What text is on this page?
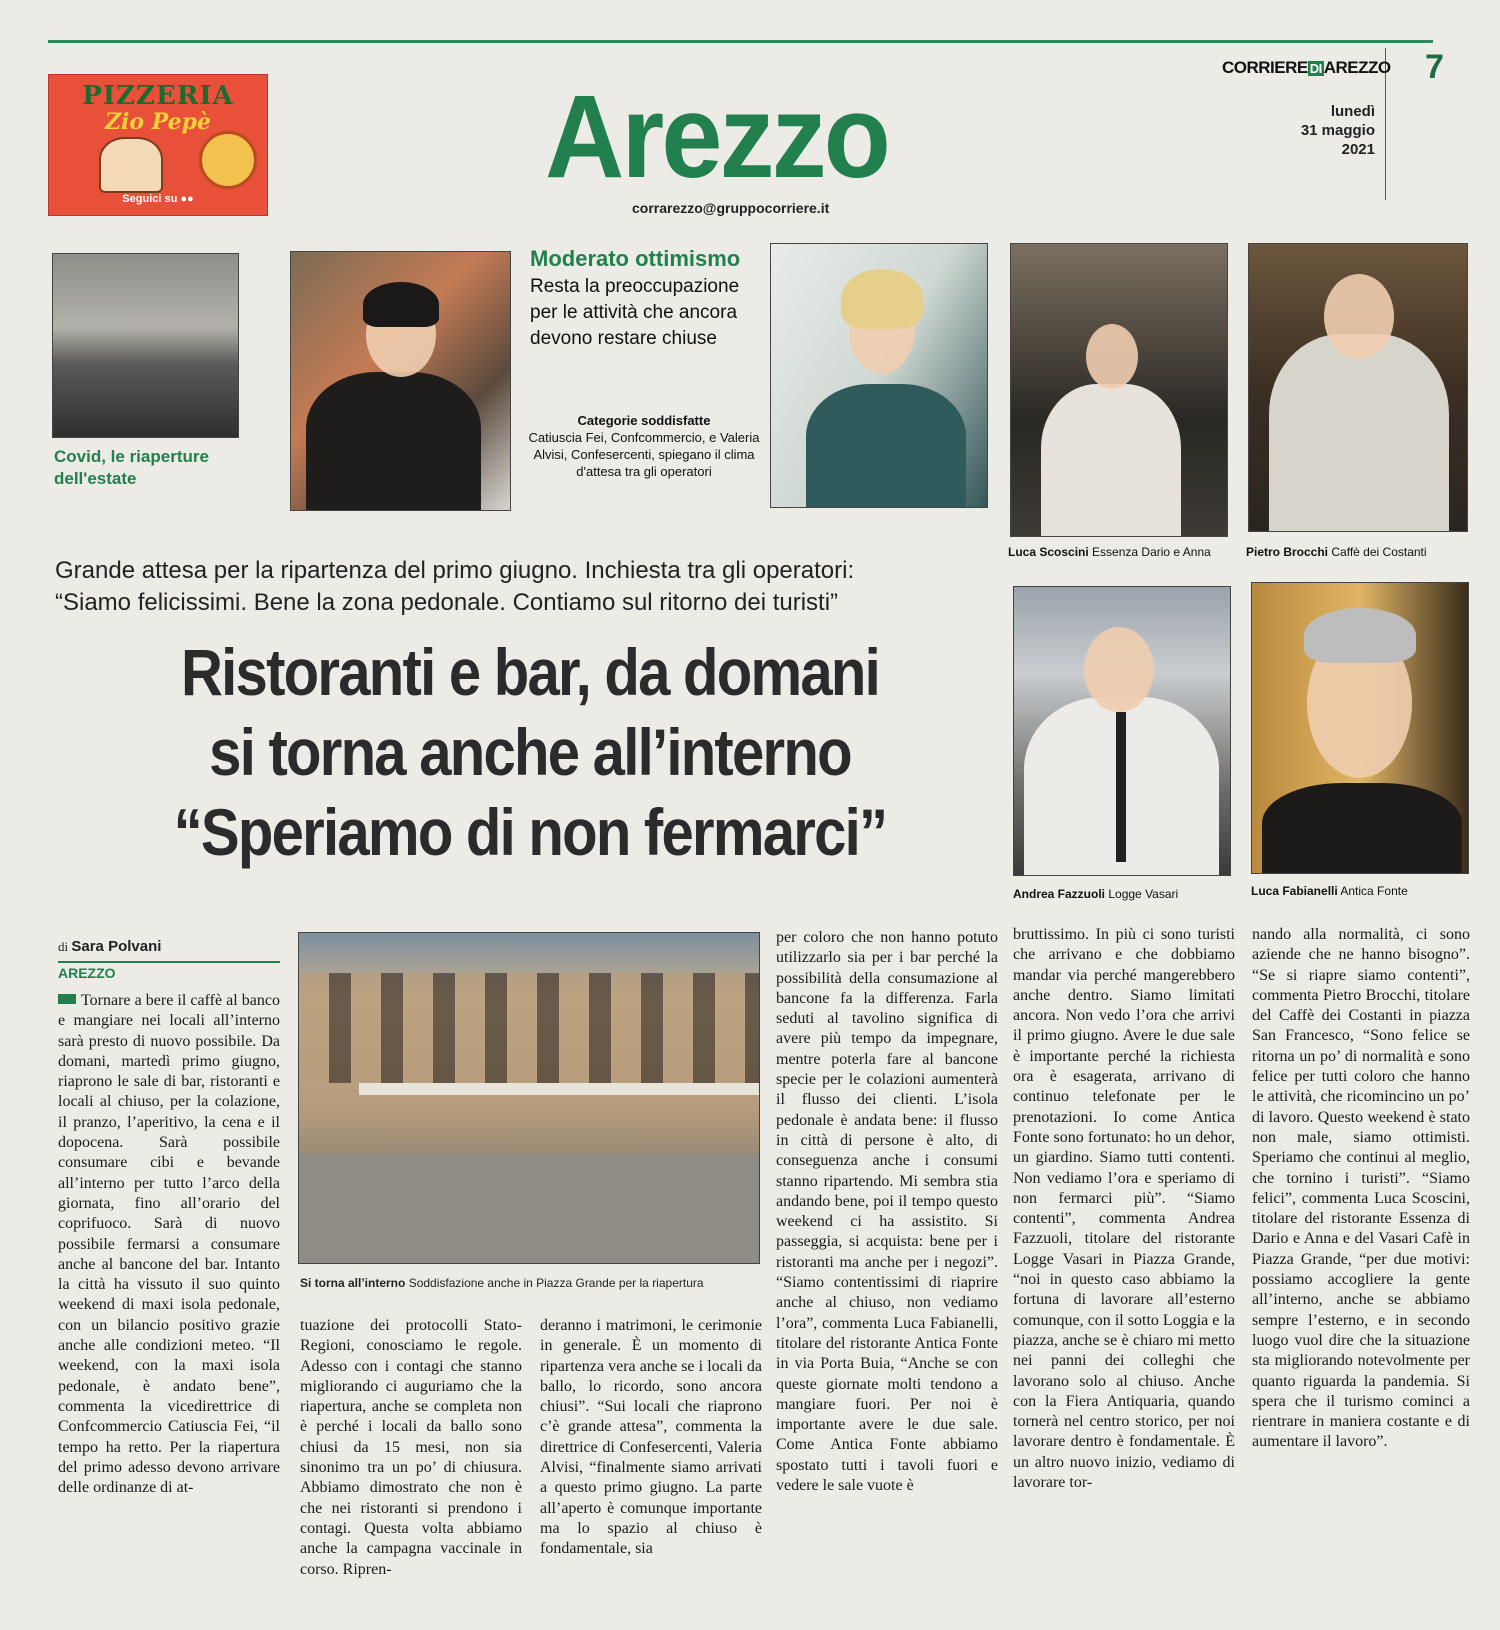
PIZZERIA
Zio Pepè
Seguici su ●●	Arezzo
corrarezzo@gruppocorriere.it
CORRIERE DI AREZZO
lunedì
31 maggio
2021
7
Covid, le riaperture dell'estate
Moderato ottimismo
Resta la preoccupazione per le attività che ancora devono restare chiuse
Categorie soddisfatte
Catiuscia Fei, Confcommercio, e Valeria Alvisi, Confesercenti, spiegano il clima d'attesa tra gli operatori
Luca Scoscini Essenza Dario e Anna	Pietro Brocchi Caffè dei Costanti
Grande attesa per la ripartenza del primo giugno. Inchiesta tra gli operatori:
“Siamo felicissimi. Bene la zona pedonale. Contiamo sul ritorno dei turisti”
Ristoranti e bar, da domani
si torna anche all’interno
“Speriamo di non fermarci”
Andrea Fazzuoli Logge Vasari	Luca Fabianelli Antica Fonte
di Sara Polvani
AREZZO
Si torna all’interno Soddisfazione anche in Piazza Grande per la riapertura

Tornare a bere il caffè al banco e mangiare nei locali all’interno sarà presto di nuovo possibile. Da domani, martedì primo giugno, riaprono le sale di bar, ristoranti e locali al chiuso, per la colazione, il pranzo, l’aperitivo, la cena e il dopocena. Sarà possibile consumare cibi e bevande all’interno per tutto l’arco della giornata, fino all’orario del coprifuoco. Sarà di nuovo possibile fermarsi a consumare anche al bancone del bar. Intanto la città ha vissuto il suo quinto weekend di maxi isola pedonale, con un bilancio positivo grazie anche alle condizioni meteo. “Il weekend, con la maxi isola pedonale, è andato bene”, commenta la vicedirettrice di Confcommercio Catiuscia Fei, “il tempo ha retto. Per la riapertura del primo adesso devono arrivare delle ordinanze di at-

tuazione dei protocolli Stato-Regioni, conosciamo le regole. Adesso con i contagi che stanno migliorando ci auguriamo che la riapertura, anche se completa non è perché i locali da ballo sono chiusi da 15 mesi, non sia sinonimo tra un po’ di chiusura. Abbiamo dimostrato che non è che nei ristoranti si prendono i contagi. Questa volta abbiamo anche la campagna vaccinale in corso. Ripren-

deranno i matrimoni, le cerimonie in generale. È un momento di ripartenza vera anche se i locali da ballo, lo ricordo, sono ancora chiusi”. “Sui locali che riaprono c’è grande attesa”, commenta la direttrice di Confesercenti, Valeria Alvisi, “finalmente siamo arrivati a questo primo giugno. La parte all’aperto è comunque importante ma lo spazio al chiuso è fondamentale, sia

per coloro che non hanno potuto utilizzarlo sia per i bar perché la possibilità della consumazione al bancone fa la differenza. Farla seduti al tavolino significa di avere più tempo da impegnare, mentre poterla fare al bancone specie per le colazioni aumenterà il flusso dei clienti. L’isola pedonale è andata bene: il flusso in città di persone è alto, di conseguenza anche i consumi stanno ripartendo. Mi sembra stia andando bene, poi il tempo questo weekend ci ha assistito. Si passeggia, si acquista: bene per i ristoranti ma anche per i negozi”. “Siamo contentissimi di riaprire anche al chiuso, non vediamo l’ora”, commenta Luca Fabianelli, titolare del ristorante Antica Fonte in via Porta Buia, “Anche se con queste giornate molti tendono a mangiare fuori. Per noi è importante avere le due sale. Come Antica Fonte abbiamo spostato tutti i tavoli fuori e vedere le sale vuote è

bruttissimo. In più ci sono turisti che arrivano e che dobbiamo mandar via perché mangerebbero anche dentro. Siamo limitati ancora. Non vedo l’ora che arrivi il primo giugno. Avere le due sale è importante perché la richiesta ora è esagerata, arrivano di continuo telefonate per le prenotazioni. Io come Antica Fonte sono fortunato: ho un dehor, un giardino. Siamo tutti contenti. Non vediamo l’ora e speriamo di non fermarci più”. “Siamo contenti”, commenta Andrea Fazzuoli, titolare del ristorante Logge Vasari in Piazza Grande, “noi in questo caso abbiamo la fortuna di lavorare all’esterno comunque, con il sotto Loggia e la piazza, anche se è chiaro mi metto nei panni dei colleghi che lavorano solo al chiuso. Anche con la Fiera Antiquaria, quando tornerà nel centro storico, per noi lavorare dentro è fondamentale. È un altro nuovo inizio, vediamo di lavorare tor-

nando alla normalità, ci sono aziende che ne hanno bisogno”. “Se si riapre siamo contenti”, commenta Pietro Brocchi, titolare del Caffè dei Costanti in piazza San Francesco, “Sono felice se ritorna un po’ di normalità e sono felice per tutti coloro che hanno le attività, che ricomincino un po’ di lavoro. Questo weekend è stato non male, siamo ottimisti. Speriamo che continui al meglio, che tornino i turisti”. “Siamo felici”, commenta Luca Scoscini, titolare del ristorante Essenza di Dario e Anna e del Vasari Cafè in Piazza Grande, “per due motivi: possiamo accogliere la gente all’interno, anche se abbiamo sempre l’esterno, e in secondo luogo vuol dire che la situazione sta migliorando notevolmente per quanto riguarda la pandemia. Si spera che il turismo cominci a rientrare in maniera costante e di aumentare il lavoro”.
